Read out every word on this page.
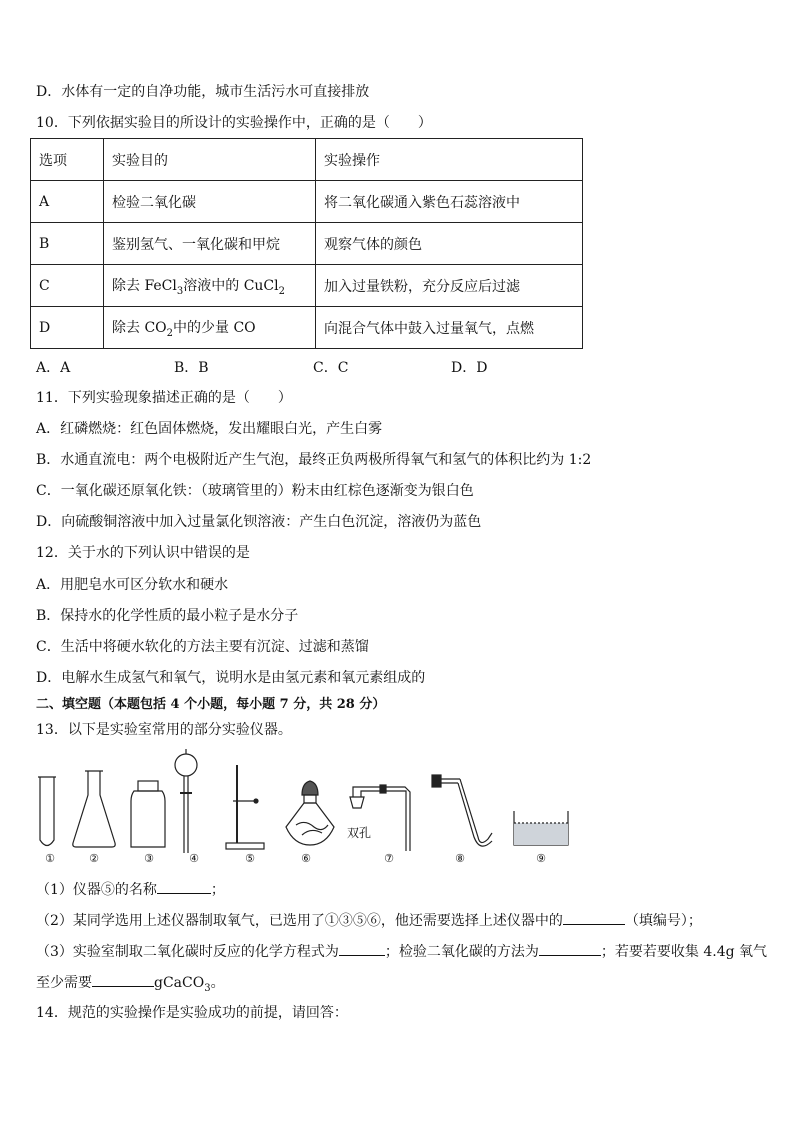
D．水体有一定的自净功能，城市生活污水可直接排放
10．下列依据实验目的所设计的实验操作中，正确的是（　　）
选项	实验目的	实验操作
A	检验二氧化碳	将二氧化碳通入紫色石蕊溶液中
B	鉴别氢气、一氧化碳和甲烷	观察气体的颜色
C	除去 FeCl$_3$溶液中的 CuCl$_2$	加入过量铁粉，充分反应后过滤
D	除去 $CO_2$中的少量 CO	向混合气体中鼓入过量氧气，点燃
A．A	B．B	C．C	D．D
11．下列实验现象描述正确的是（　　）
A．红磷燃烧：红色固体燃烧，发出耀眼白光，产生白雾
B．水通直流电：两个电极附近产生气泡，最终正负两极所得氧气和氢气的体积比约为 1:2
C．一氧化碳还原氧化铁：（玻璃管里的）粉末由红棕色逐渐变为银白色
D．向硫酸铜溶液中加入过量氯化钡溶液：产生白色沉淀，溶液仍为蓝色
12．关于水的下列认识中错误的是
A．用肥皂水可区分软水和硬水
B．保持水的化学性质的最小粒子是水分子
C．生活中将硬水软化的方法主要有沉淀、过滤和蒸馏
D．电解水生成氢气和氧气，说明水是由氢元素和氧元素组成的
二、填空题（本题包括 4 个小题，每小题 7 分，共 28 分）
13．以下是实验室常用的部分实验仪器。
双孔
①	②	③	④	⑤	⑥	⑦	⑧	⑨
（1）仪器⑤的名称	；
（2）某同学选用上述仪器制取氧气，已选用了①③⑤⑥，他还需要选择上述仪器中的	（填编号）；
（3）实验室制取二氧化碳时反应的化学方程式为	；检验二氧化碳的方法为	；若要若要收集 4.4g 氧气
至少需要	gCaCO$_3$。
14．规范的实验操作是实验成功的前提，请回答：
